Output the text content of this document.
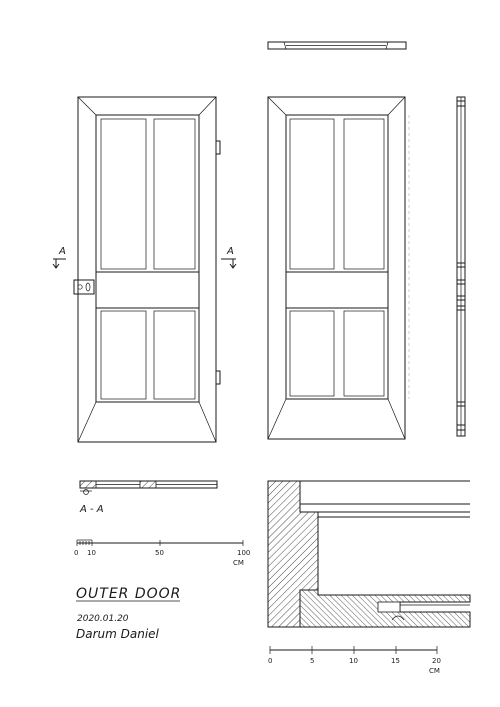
A	A
A - A
0 10	50	100
CM
OUTER DOOR
2020.01.20
Darum Daniel
0	5	10	15	20
CM
